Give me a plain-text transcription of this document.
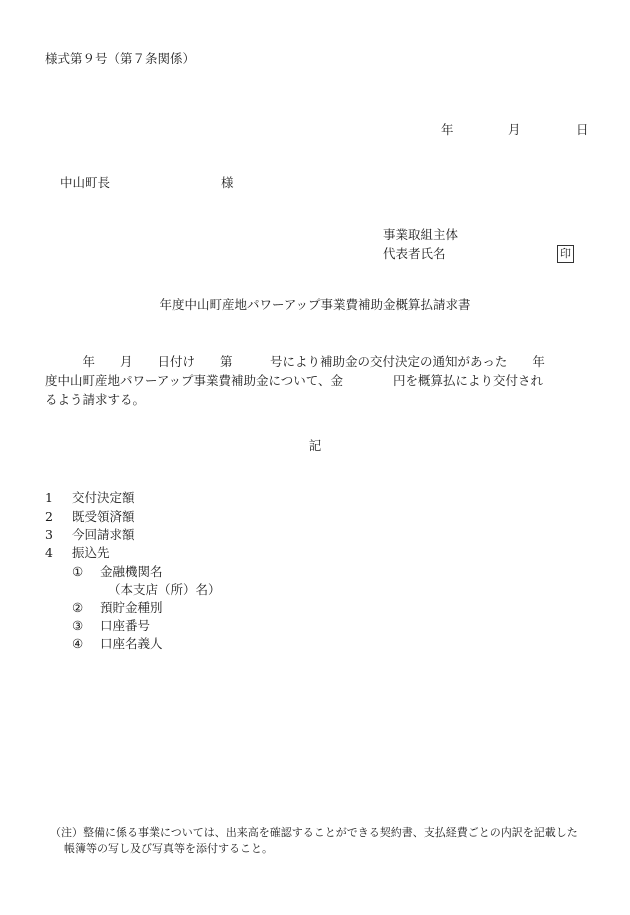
様式第９号（第７条関係）
年	月	日
中山町長	様
事業取組主体
代表者氏名	印
年度中山町産地パワーアップ事業費補助金概算払請求書
　　　年　　月　　日付け　　第　　　号により補助金の交付決定の通知があった　　年
度中山町産地パワーアップ事業費補助金について、金　　　　円を概算払により交付され
るよう請求する。
記
1 交付決定額
2 既受領済額
3 今回請求額
4 振込先
① 金融機関名
（本支店（所）名）
② 預貯金種別
③ 口座番号
④ 口座名義人
（注）整備に係る事業については、出来高を確認することができる契約書、支払経費ごとの内訳を記載した
帳簿等の写し及び写真等を添付すること。
